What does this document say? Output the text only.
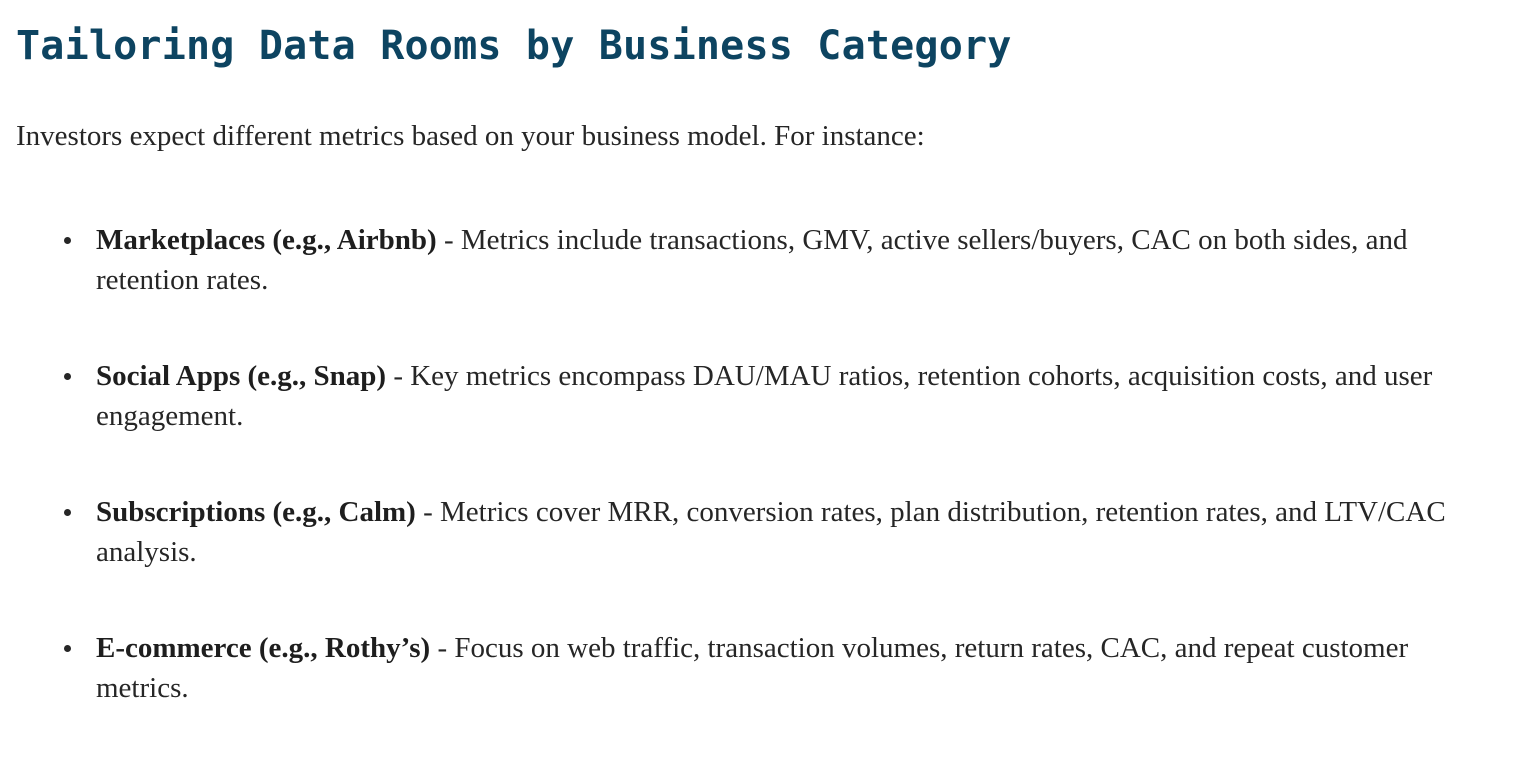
Tailoring Data Rooms by Business Category

Investors expect different metrics based on your business model. For instance:

Marketplaces (e.g., Airbnb) - Metrics include transactions, GMV, active sellers/buyers, CAC on both sides, and retention rates.
Social Apps (e.g., Snap) - Key metrics encompass DAU/MAU ratios, retention cohorts, acquisition costs, and user engagement.
Subscriptions (e.g., Calm) - Metrics cover MRR, conversion rates, plan distribution, retention rates, and LTV/CAC analysis.
E-commerce (e.g., Rothy’s) - Focus on web traffic, transaction volumes, return rates, CAC, and repeat customer metrics.
